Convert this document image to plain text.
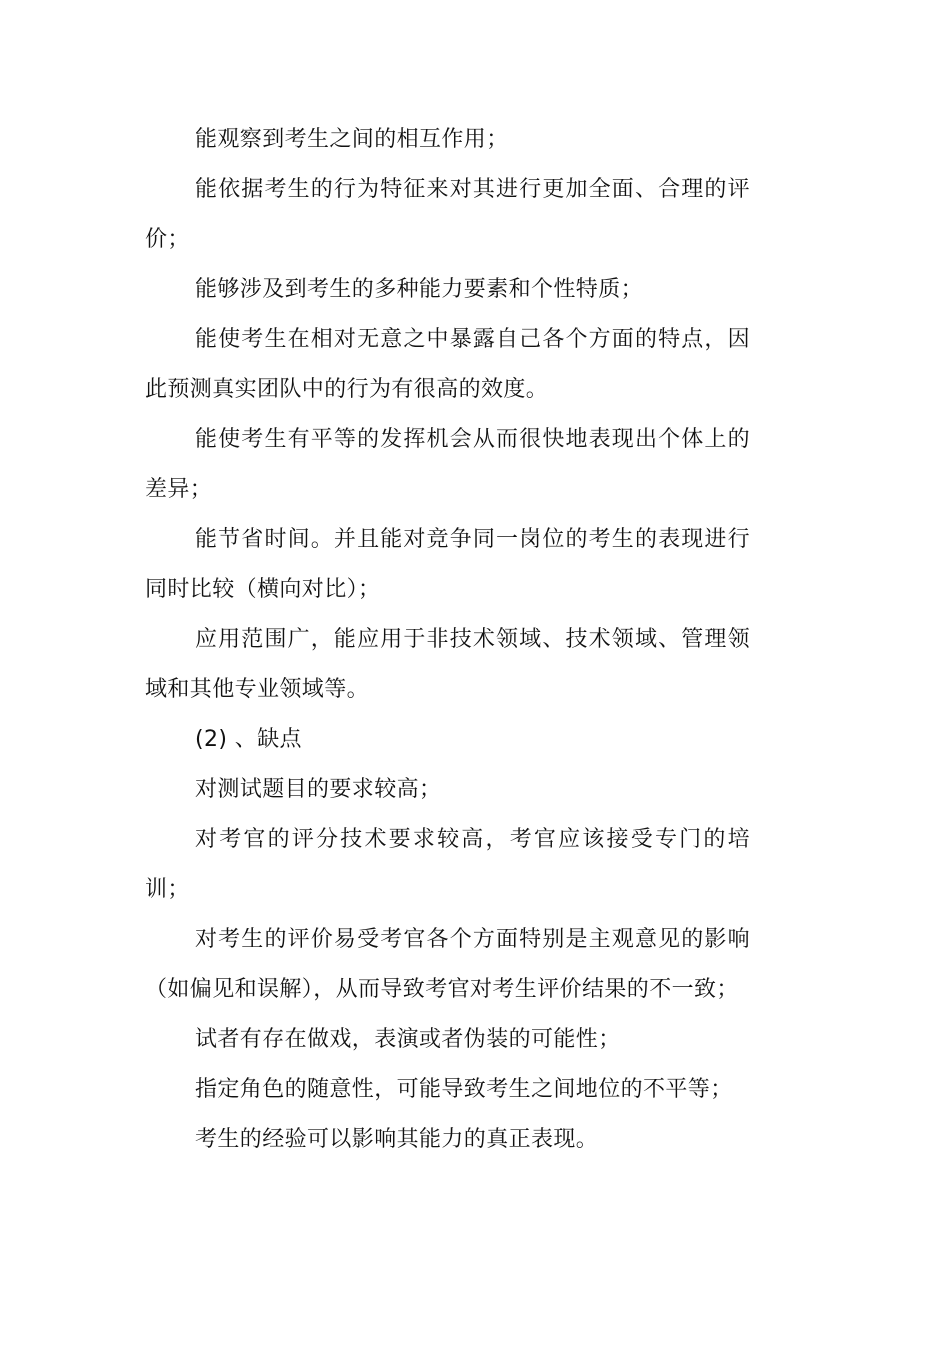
能观察到考生之间的相互作用；

能依据考生的行为特征来对其进行更加全面、合理的评价；

能够涉及到考生的多种能力要素和个性特质；

能使考生在相对无意之中暴露自己各个方面的特点，因此预测真实团队中的行为有很高的效度。

能使考生有平等的发挥机会从而很快地表现出个体上的差异；

能节省时间。并且能对竞争同一岗位的考生的表现进行同时比较（横向对比）；

应用范围广，能应用于非技术领域、技术领域、管理领域和其他专业领域等。

(2) 、缺点

对测试题目的要求较高；

对考官的评分技术要求较高，考官应该接受专门的培训；

对考生的评价易受考官各个方面特别是主观意见的影响（如偏见和误解），从而导致考官对考生评价结果的不一致；

试者有存在做戏，表演或者伪装的可能性；

指定角色的随意性，可能导致考生之间地位的不平等；

考生的经验可以影响其能力的真正表现。
